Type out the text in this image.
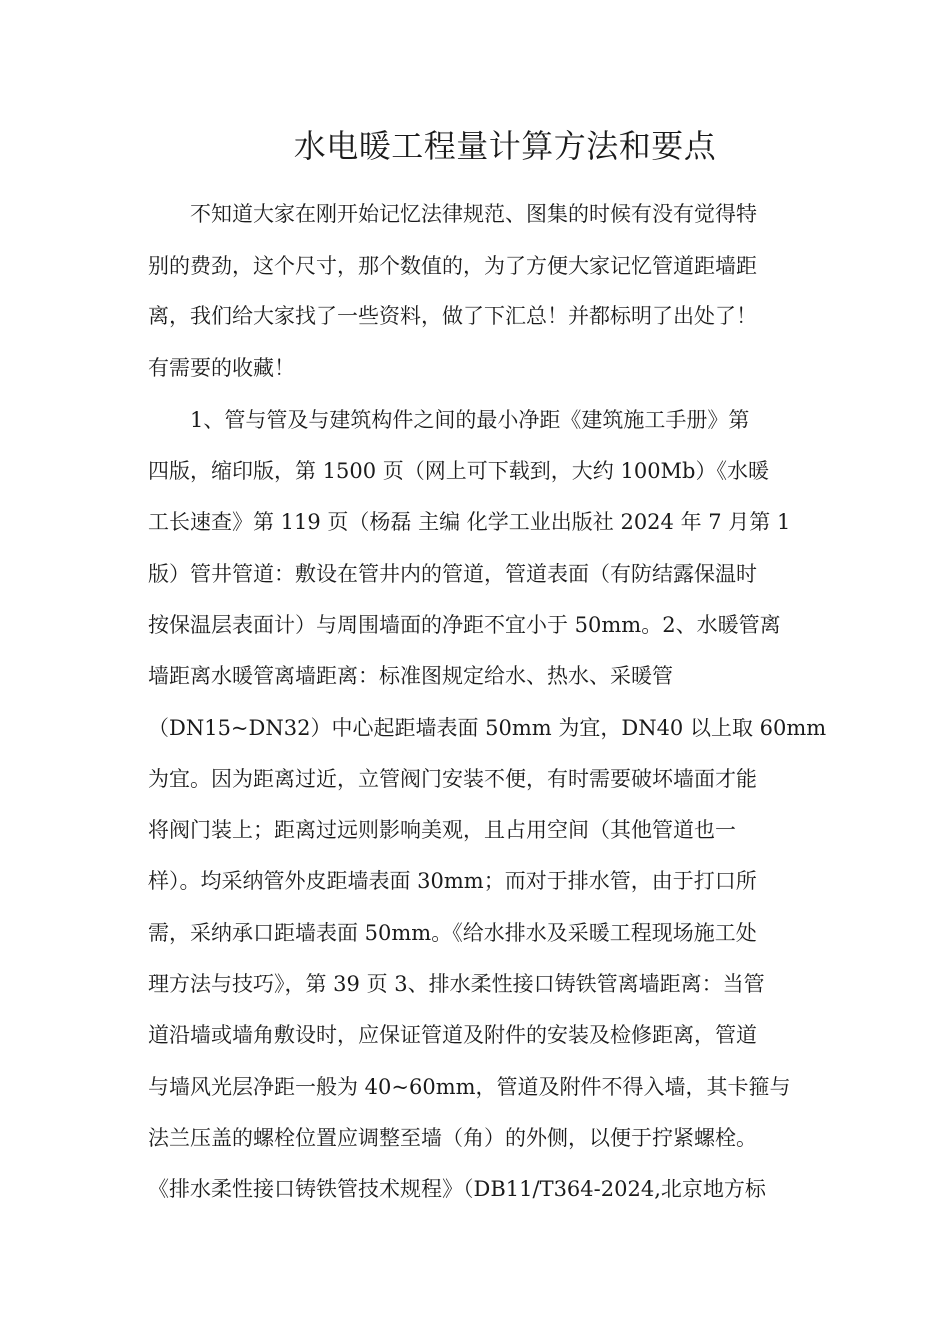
水电暖工程量计算方法和要点

不知道大家在刚开始记忆法律规范、图集的时候有没有觉得特

别的费劲，这个尺寸，那个数值的，为了方便大家记忆管道距墙距

离，我们给大家找了一些资料，做了下汇总！并都标明了出处了！

有需要的收藏！

1、管与管及与建筑构件之间的最小净距《建筑施工手册》第

四版，缩印版，第 1500 页（网上可下载到，大约 100Mb）《水暖

工长速查》第 119 页（杨磊 主编 化学工业出版社 2024 年 7 月第 1

版）管井管道：敷设在管井内的管道，管道表面（有防结露保温时

按保温层表面计）与周围墙面的净距不宜小于 50mm。2、水暖管离

墙距离水暖管离墙距离：标准图规定给水、热水、采暖管

（DN15~DN32）中心起距墙表面 50mm 为宜，DN40 以上取 60mm

为宜。因为距离过近，立管阀门安装不便，有时需要破坏墙面才能

将阀门装上；距离过远则影响美观，且占用空间（其他管道也一

样）。均采纳管外皮距墙表面 30mm；而对于排水管，由于打口所

需，采纳承口距墙表面 50mm。《给水排水及采暖工程现场施工处

理方法与技巧》，第 39 页 3、排水柔性接口铸铁管离墙距离：当管

道沿墙或墙角敷设时，应保证管道及附件的安装及检修距离，管道

与墙风光层净距一般为 40~60mm，管道及附件不得入墙，其卡箍与

法兰压盖的螺栓位置应调整至墙（角）的外侧，以便于拧紧螺栓。

《排水柔性接口铸铁管技术规程》（DB11/T364-2024,北京地方标
